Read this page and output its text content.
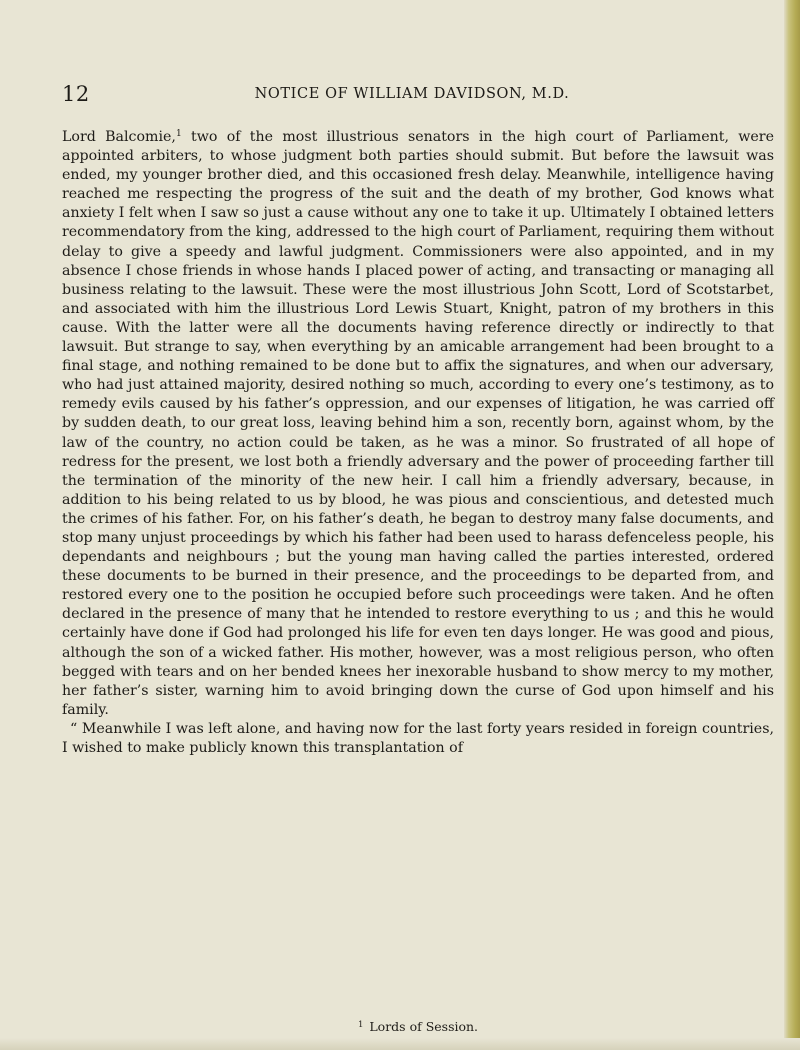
12	NOTICE OF WILLIAM DAVIDSON, M.D.

Lord Balcomie,$^1$ two of the most illustrious senators in the high court of Parliament, were appointed arbiters, to whose judgment both parties should submit. But before the lawsuit was ended, my younger brother died, and this occasioned fresh delay. Meanwhile, intelligence having reached me respecting the progress of the suit and the death of my brother, God knows what anxiety I felt when I saw so just a cause without any one to take it up. Ultimately I obtained letters recommendatory from the king, addressed to the high court of Parliament, requiring them without delay to give a speedy and lawful judgment. Commissioners were also appointed, and in my absence I chose friends in whose hands I placed power of acting, and transacting or managing all business relating to the lawsuit. These were the most illustrious John Scott, Lord of Scotstarbet, and associated with him the illustrious Lord Lewis Stuart, Knight, patron of my brothers in this cause. With the latter were all the documents having reference directly or indirectly to that lawsuit. But strange to say, when everything by an amicable arrangement had been brought to a final stage, and nothing remained to be done but to affix the signatures, and when our adversary, who had just attained majority, desired nothing so much, according to every one’s testimony, as to remedy evils caused by his father’s oppression, and our expenses of litigation, he was carried off by sudden death, to our great loss, leaving behind him a son, recently born, against whom, by the law of the country, no action could be taken, as he was a minor. So frustrated of all hope of redress for the present, we lost both a friendly adversary and the power of proceeding farther till the termination of the minority of the new heir. I call him a friendly adversary, because, in addition to his being related to us by blood, he was pious and conscientious, and detested much the crimes of his father. For, on his father’s death, he began to destroy many false documents, and stop many unjust proceedings by which his father had been used to harass defenceless people, his dependants and neighbours ; but the young man having called the parties interested, ordered these documents to be burned in their presence, and the proceedings to be departed from, and restored every one to the position he occupied before such proceedings were taken. And he often declared in the presence of many that he intended to restore everything to us ; and this he would certainly have done if God had prolonged his life for even ten days longer. He was good and pious, although the son of a wicked father. His mother, however, was a most religious person, who often begged with tears and on her bended knees her inexorable husband to show mercy to my mother, her father’s sister, warning him to avoid bringing down the curse of God upon himself and his family.

“ Meanwhile I was left alone, and having now for the last forty years resided in foreign countries, I wished to make publicly known this transplantation of

$^1$ Lords of Session.
